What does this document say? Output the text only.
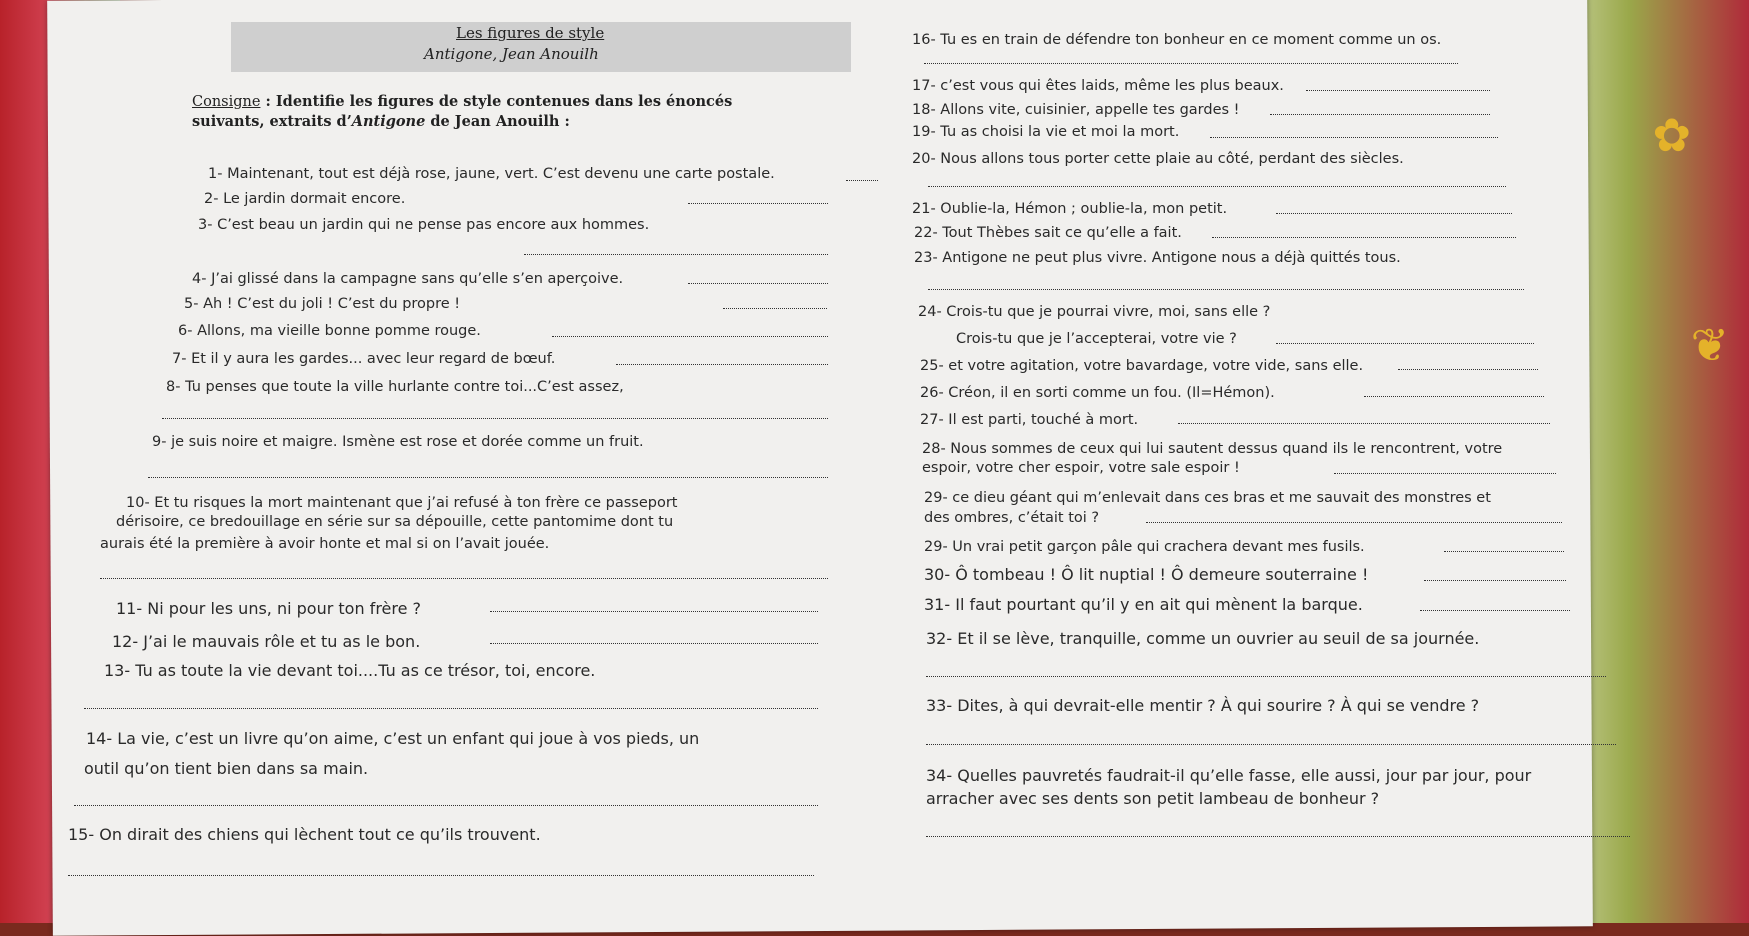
✿
❦
Les figures de style
Antigone, Jean Anouilh
Consigne : Identifie les figures de style contenues dans les énoncés
suivants, extraits d’Antigone de Jean Anouilh :
1- Maintenant, tout est déjà rose, jaune, vert. C’est devenu une carte postale.
2- Le jardin dormait encore.
3- C’est beau un jardin qui ne pense pas encore aux hommes.
4- J’ai glissé dans la campagne sans qu’elle s’en aperçoive.
5- Ah ! C’est du joli ! C’est du propre !
6- Allons, ma vieille bonne pomme rouge.
7- Et il y aura les gardes... avec leur regard de bœuf.
8- Tu penses que toute la ville hurlante contre toi...C’est assez,
9- je suis noire et maigre. Ismène est rose et dorée comme un fruit.
10- Et tu risques la mort maintenant que j’ai refusé à ton frère ce passeport
dérisoire, ce bredouillage en série sur sa dépouille, cette pantomime dont tu
aurais été la première à avoir honte et mal si on l’avait jouée.
11- Ni pour les uns, ni pour ton frère ?
12- J’ai le mauvais rôle et tu as le bon.
13- Tu as toute la vie devant toi....Tu as ce trésor, toi, encore.
14- La vie, c’est un livre qu’on aime, c’est un enfant qui joue à vos pieds, un
outil qu’on tient bien dans sa main.
15- On dirait des chiens qui lèchent tout ce qu’ils trouvent.
16- Tu es en train de défendre ton bonheur en ce moment comme un os.
17- c’est vous qui êtes laids, même les plus beaux.
18- Allons vite, cuisinier, appelle tes gardes !
19- Tu as choisi la vie et moi la mort.
20- Nous allons tous porter cette plaie au côté, perdant des siècles.
21- Oublie-la, Hémon ; oublie-la, mon petit.
22- Tout Thèbes sait ce qu’elle a fait.
23- Antigone ne peut plus vivre. Antigone nous a déjà quittés tous.
24- Crois-tu que je pourrai vivre, moi, sans elle ?
Crois-tu que je l’accepterai, votre vie ?
25- et votre agitation, votre bavardage, votre vide, sans elle.
26- Créon, il en sorti comme un fou. (Il=Hémon).
27- Il est parti, touché à mort.
28- Nous sommes de ceux qui lui sautent dessus quand ils le rencontrent, votre
espoir, votre cher espoir, votre sale espoir !
29- ce dieu géant qui m’enlevait dans ces bras et me sauvait des monstres et
des ombres, c’était toi ?
29- Un vrai petit garçon pâle qui crachera devant mes fusils.
30- Ô tombeau ! Ô lit nuptial ! Ô demeure souterraine !
31- Il faut pourtant qu’il y en ait qui mènent la barque.
32- Et il se lève, tranquille, comme un ouvrier au seuil de sa journée.
33- Dites, à qui devrait-elle mentir ? À qui sourire ? À qui se vendre ?
34- Quelles pauvretés faudrait-il qu’elle fasse, elle aussi, jour par jour, pour
arracher avec ses dents son petit lambeau de bonheur ?
